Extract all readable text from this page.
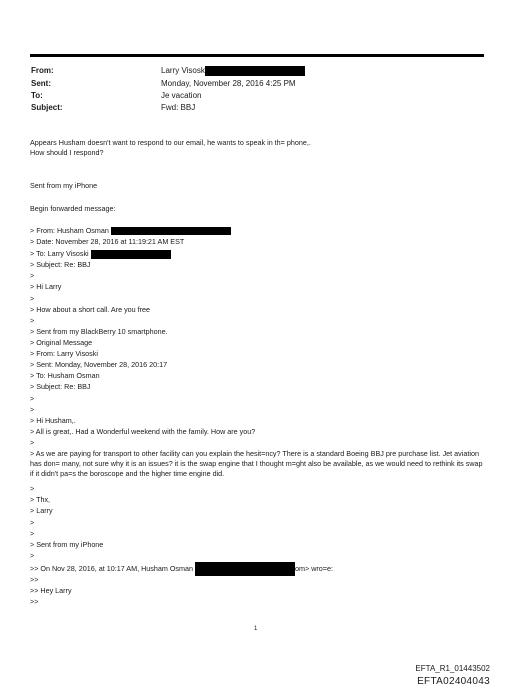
From:
Sent:
To:
Subject:
Larry Visosk
Monday, November 28, 2016 4:25 PM
Je vacation
Fwd: BBJ
Appears Husham doesn't want to respond to our email, he wants to speak in th= phone,.
How should I respond?
Sent from my iPhone
Begin forwarded message:
> From: Husham Osman
> Date: November 28, 2016 at 11:19:21 AM EST
> To: Larry Visoski
> Subject: Re: BBJ
>
> Hi Larry
>
> How about a short call. Are you free
>
> Sent from my BlackBerry 10 smartphone.
> Original Message
> From: Larry Visoski
> Sent: Monday, November 28, 2016 20:17
> To: Husham Osman
> Subject: Re: BBJ
>
>
> Hi Husham,.
> All is great,. Had a Wonderful weekend with the family. How are you?
>
> As we are paying for transport to other facility can you explain the hesit=ncy? There is a standard Boeing BBJ pre purchase list. Jet aviation has don= many, not sure why it is an issues? it is the swap engine that I thought m=ght also be available, as we would need to rethink its swap if it didn't pa=s the boroscope and the higher time engine did.
>
> Thx,
> Larry
>
>
> Sent from my iPhone
>
>> On Nov 28, 2016, at 10:17 AM, Husham Osman	om> wro=e:
>>
>> Hey Larry
>>
1
EFTA_R1_01443502
EFTA02404043
